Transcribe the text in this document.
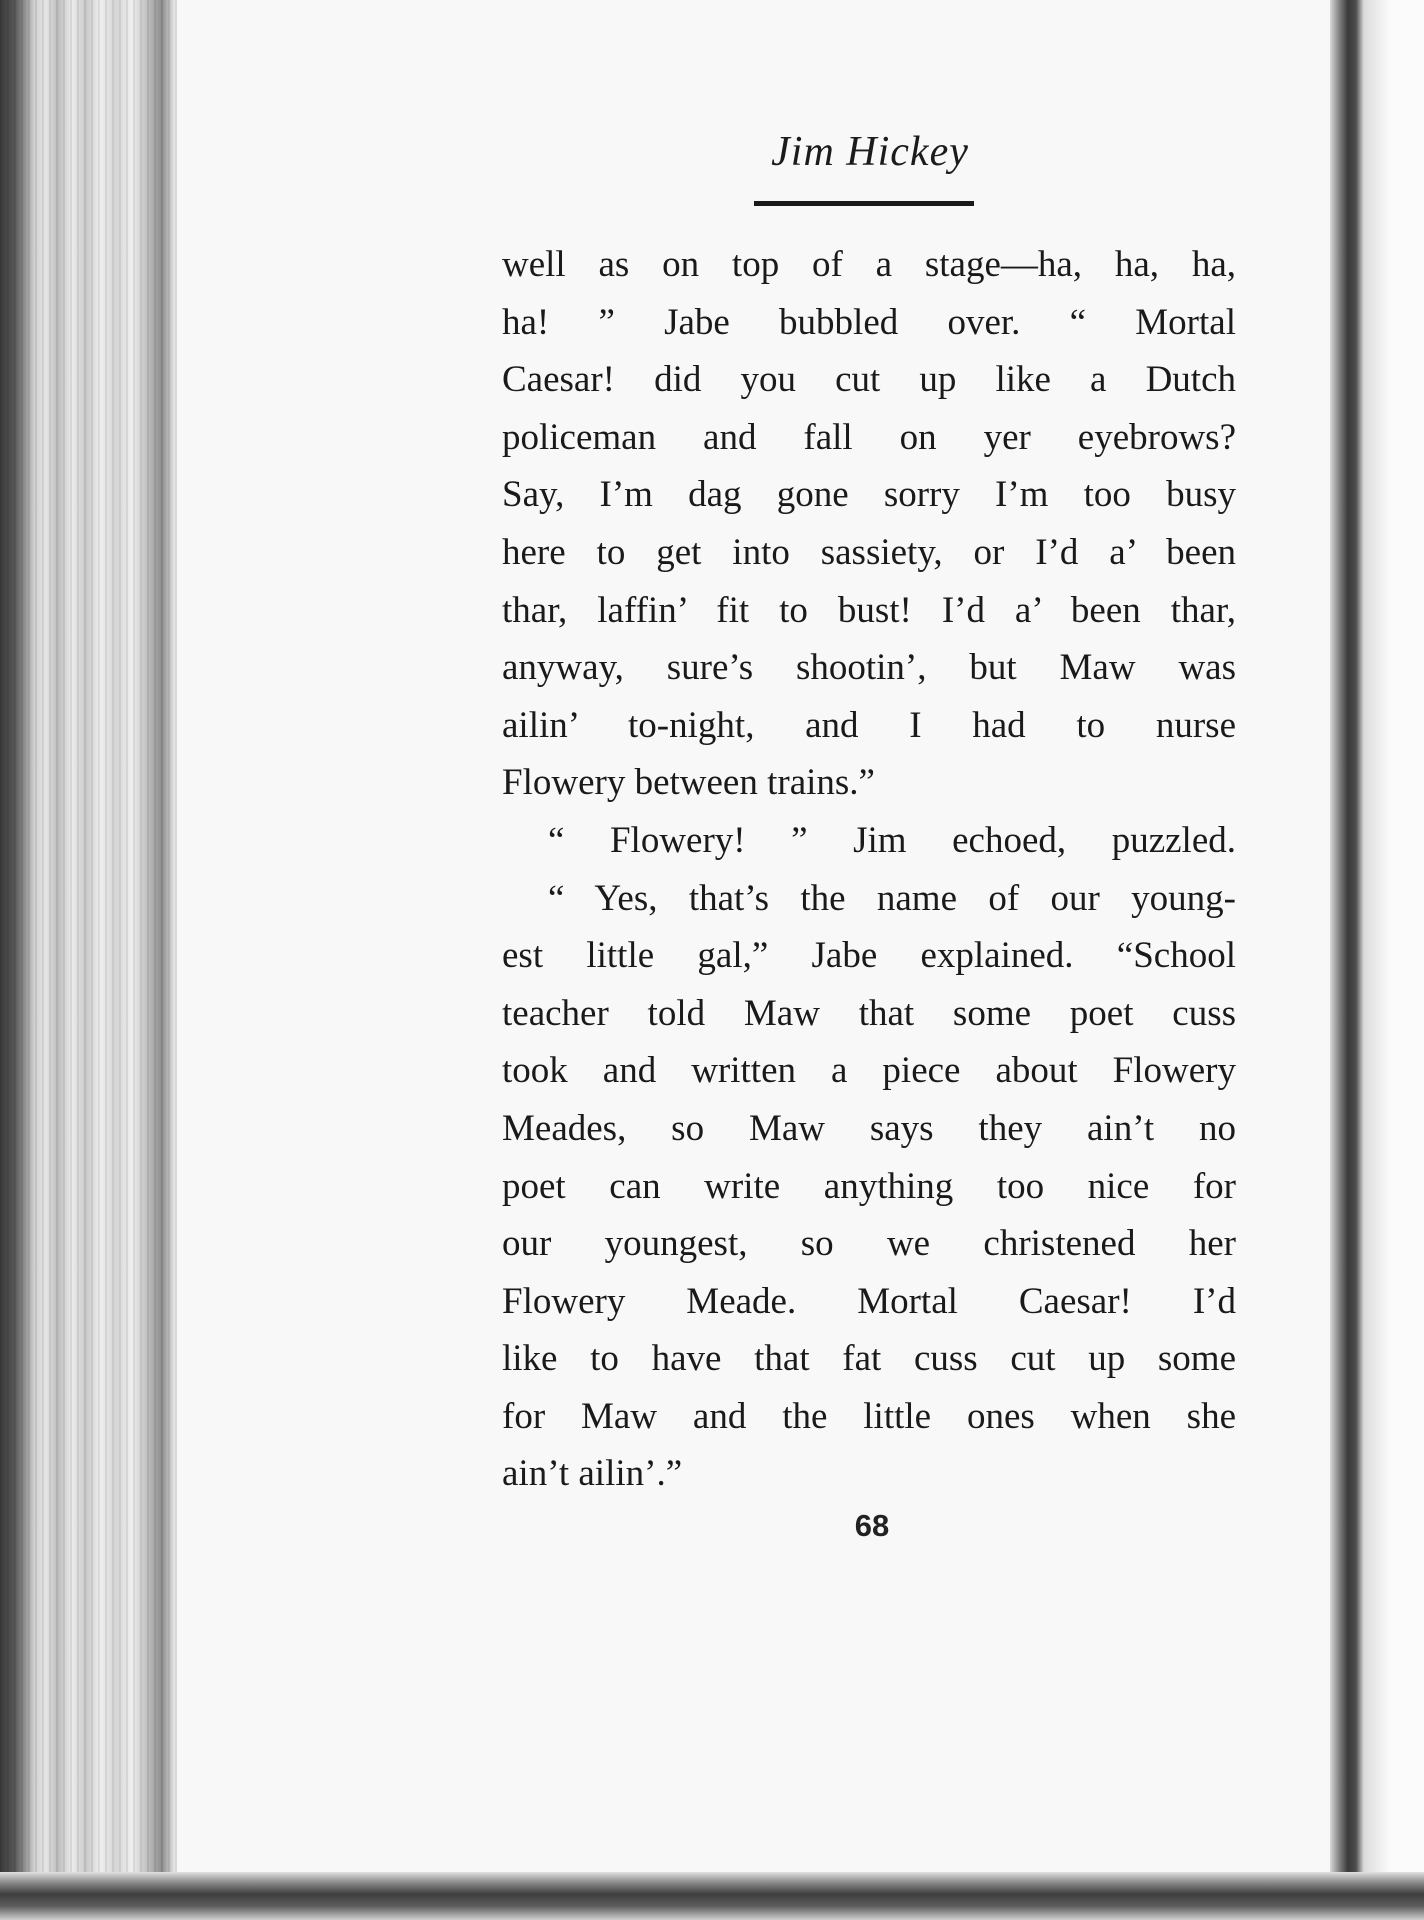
Jim Hickey
well as on top of a stage—ha, ha, ha,
ha! ” Jabe bubbled over. “ Mortal
Caesar! did you cut up like a Dutch
policeman and fall on yer eyebrows?
Say, I’m dag gone sorry I’m too busy
here to get into sassiety, or I’d a’ been
thar, laffin’ fit to bust! I’d a’ been thar,
anyway, sure’s shootin’, but Maw was
ailin’ to-night, and I had to nurse
Flowery between trains.”
“ Flowery! ” Jim echoed, puzzled.
“ Yes, that’s the name of our young-
est little gal,” Jabe explained. “School
teacher told Maw that some poet cuss
took and written a piece about Flowery
Meades, so Maw says they ain’t no
poet can write anything too nice for
our youngest, so we christened her
Flowery Meade. Mortal Caesar! I’d
like to have that fat cuss cut up some
for Maw and the little ones when she
ain’t ailin’.”
68
